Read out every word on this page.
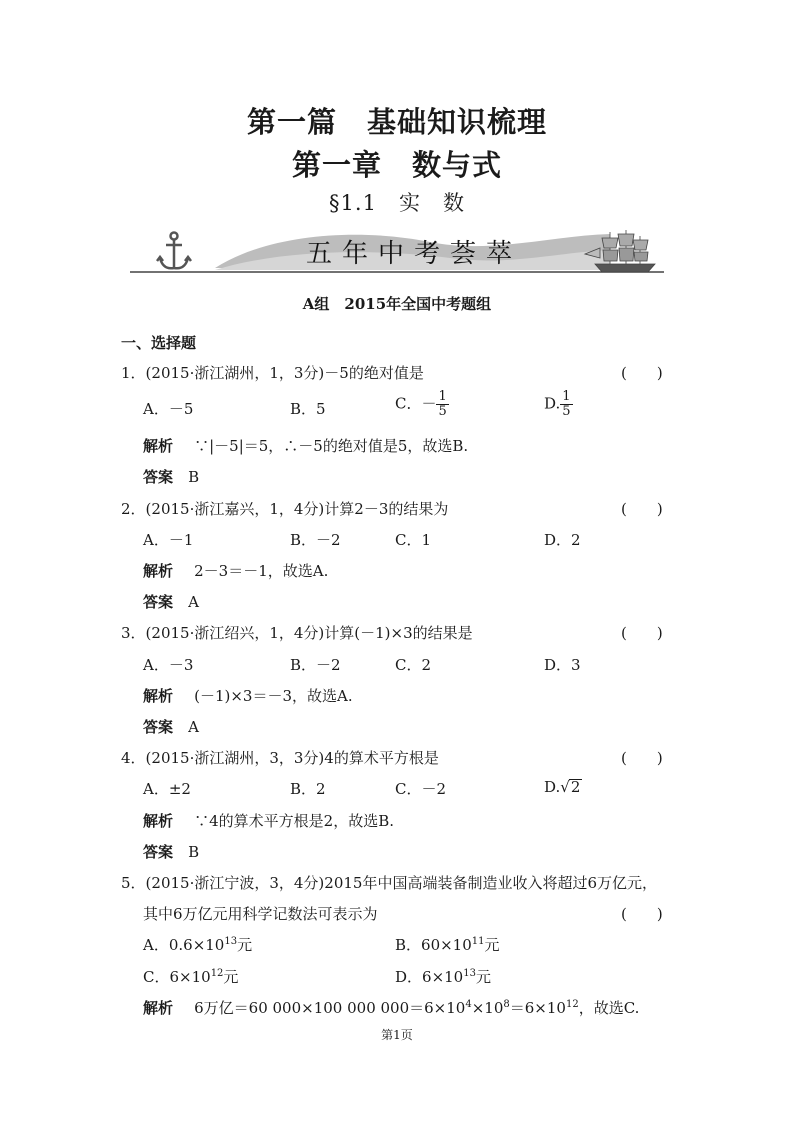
第一篇　基础知识梳理
第一章　数与式
§1.1　实　数
五年中考荟萃
A组　2015年全国中考题组
一、选择题
1．(2015·浙江湖州，1，3分)－5的绝对值是	(　　)
A．－5	B．5	C．－ $\frac{1}{5}$	D. $\frac{1}{5}$
解析 ∵|－5|＝5，∴－5的绝对值是5，故选B.
答案 B
2．(2015·浙江嘉兴，1，4分)计算2－3的结果为	(　　)
A．－1	B．－2	C．1	D．2
解析 2－3＝－1，故选A.
答案 A
3．(2015·浙江绍兴，1，4分)计算(－1)×3的结果是	(　　)
A．－3	B．－2	C．2	D．3
解析 (－1)×3＝－3，故选A.
答案 A
4．(2015·浙江湖州，3，3分)4的算术平方根是	(　　)
A．±2	B．2	C．－2	D.√2
解析 ∵4的算术平方根是2，故选B.
答案 B
5．(2015·浙江宁波，3，4分)2015年中国高端装备制造业收入将超过6万亿元，
其中6万亿元用科学记数法可表示为	(　　)
A．$0.6\times 10^{13}$元	B．$60\times 10^{11}$元
C．$6\times 10^{12}$元	D．$6\times 10^{13}$元
解析 6万亿＝60 000×100 000 $000=6\times 10^4\times 10^8=6\times 10^{12}$，故选C.
第1页
